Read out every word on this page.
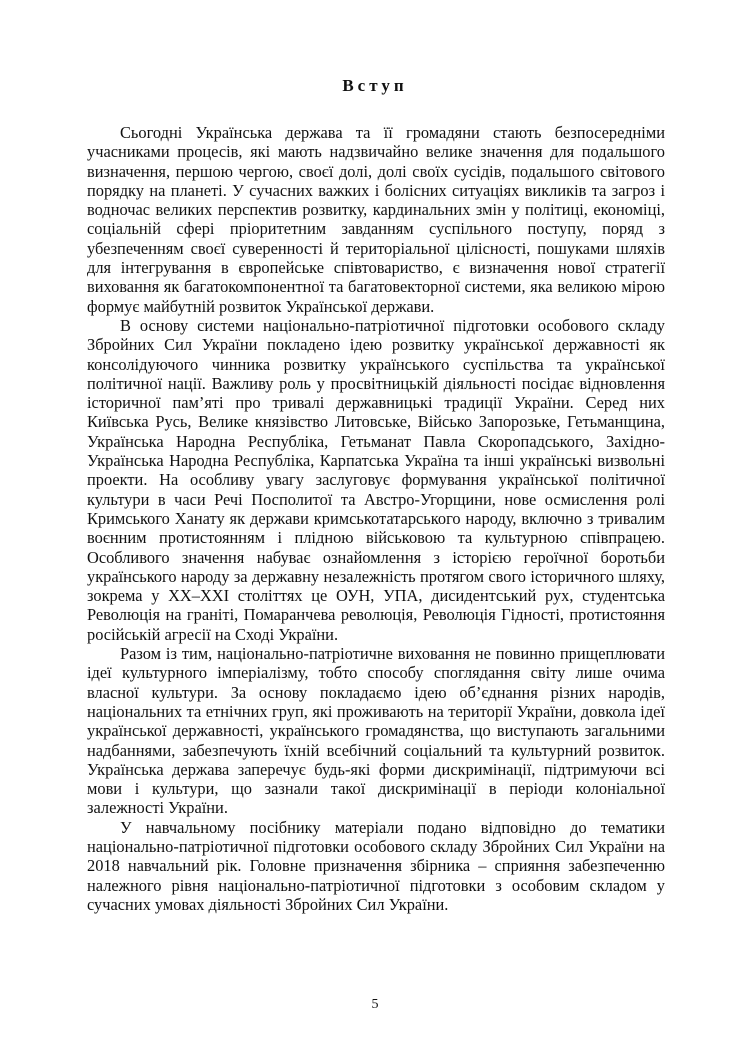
Вступ

Сьогодні Українська держава та її громадяни стають безпосередніми учасниками процесів, які мають надзвичайно велике значення для подальшого визначення, першою чергою, своєї долі, долі своїх сусідів, подальшого світового порядку на планеті. У сучасних важких і болісних ситуаціях викликів та загроз і водночас великих перспектив розвитку, кардинальних змін у політиці, економіці, соціальній сфері пріоритетним завданням суспільного поступу, поряд з убезпеченням своєї суверенності й територіальної цілісності, пошуками шляхів для інтегрування в європейське співтовариство, є визначення нової стратегії виховання як багатокомпонентної та багатовекторної системи, яка великою мірою формує майбутній розвиток Української держави.

В основу системи національно-патріотичної підготовки особового складу Збройних Сил України покладено ідею розвитку української державності як консолідуючого чинника розвитку українського суспільства та української політичної нації. Важливу роль у просвітницькій діяльності посідає відновлення історичної пам’яті про тривалі державницькі традиції України. Серед них Київська Русь, Велике князівство Литовське, Військо Запорозьке, Гетьманщина, Українська Народна Республіка, Гетьманат Павла Скоропадського, Західно-Українська Народна Республіка, Карпатська Україна та інші українські визвольні проекти. На особливу увагу заслуговує формування української політичної культури в часи Речі Посполитої та Австро-Угорщини, нове осмислення ролі Кримського Ханату як держави кримськотатарського народу, включно з тривалим воєнним протистоянням і плідною військовою та культурною співпрацею. Особливого значення набуває ознайомлення з історією героїчної боротьби українського народу за державну незалежність протягом свого історичного шляху, зокрема у ХХ–ХХІ століттях це ОУН, УПА, дисидентський рух, студентська Революція на граніті, Помаранчева революція, Революція Гідності, протистояння російській агресії на Сході України.

Разом із тим, національно-патріотичне виховання не повинно прищеплювати ідеї культурного імперіалізму, тобто способу споглядання світу лише очима власної культури. За основу покладаємо ідею об’єднання різних народів, національних та етнічних груп, які проживають на території України, довкола ідеї української державності, українського громадянства, що виступають загальними надбаннями, забезпечують їхній всебічний соціальний та культурний розвиток. Українська держава заперечує будь-які форми дискримінації, підтримуючи всі мови і культури, що зазнали такої дискримінації в періоди колоніальної залежності України.

У навчальному посібнику матеріали подано відповідно до тематики національно-патріотичної підготовки особового складу Збройних Сил України на 2018 навчальний рік. Головне призначення збірника – сприяння забезпеченню належного рівня національно-патріотичної підготовки з особовим складом у сучасних умовах діяльності Збройних Сил України.

5
